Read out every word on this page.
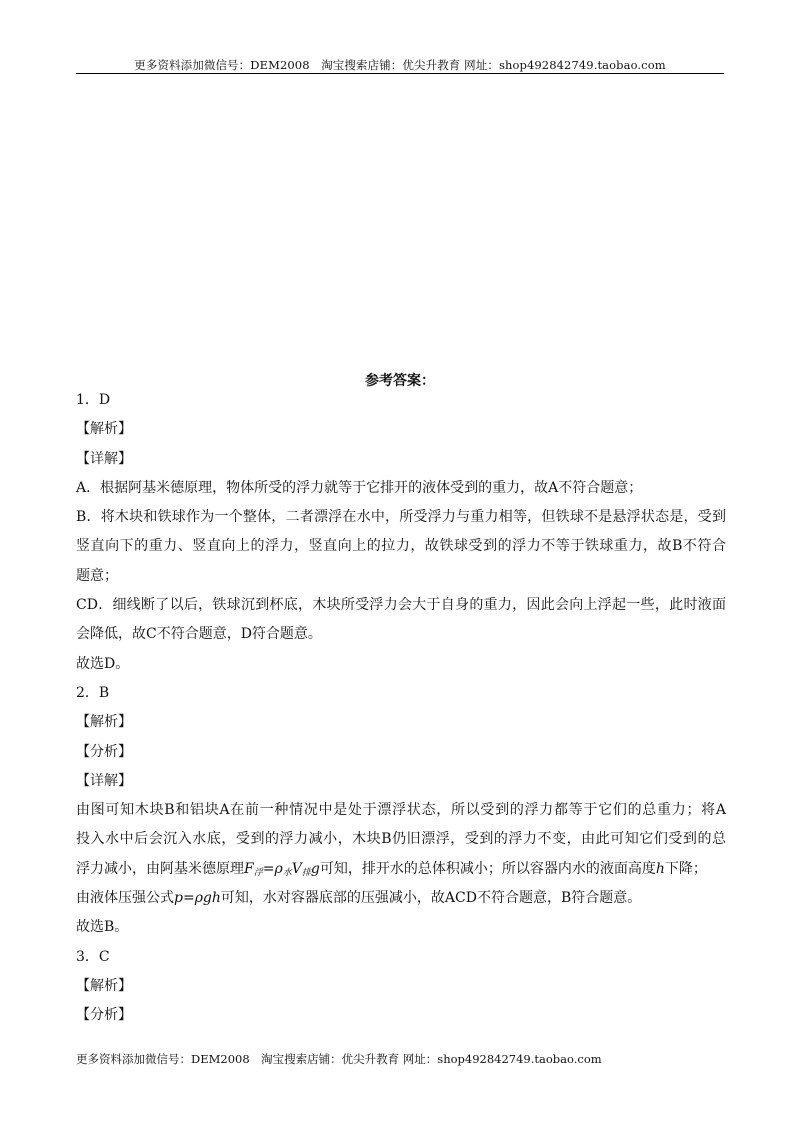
更多资料添加微信号：DEM2008　淘宝搜索店铺：优尖升教育 网址：shop492842749.taobao.com
参考答案：
1．D
【解析】
【详解】
A．根据阿基米德原理，物体所受的浮力就等于它排开的液体受到的重力，故A不符合题意；
B．将木块和铁球作为一个整体，二者漂浮在水中，所受浮力与重力相等，但铁球不是悬浮状态是，受到
竖直向下的重力、竖直向上的浮力，竖直向上的拉力，故铁球受到的浮力不等于铁球重力，故B不符合
题意；
CD．细线断了以后，铁球沉到杯底，木块所受浮力会大于自身的重力，因此会向上浮起一些，此时液面
会降低，故C不符合题意，D符合题意。
故选D。
2．B
【解析】
【分析】
【详解】
由图可知木块B和铝块A在前一种情况中是处于漂浮状态，所以受到的浮力都等于它们的总重力；将A
投入水中后会沉入水底，受到的浮力减小，木块B仍旧漂浮，受到的浮力不变，由此可知它们受到的总
浮力减小，由阿基米德原理$F_浮=\rho_水V_排g$可知，排开水的总体积减小；所以容器内水的液面高度h下降；
由液体压强公式p=ρgh可知，水对容器底部的压强减小，故ACD不符合题意，B符合题意。
故选B。
3．C
【解析】
【分析】
更多资料添加微信号：DEM2008　淘宝搜索店铺：优尖升教育 网址：shop492842749.taobao.com
